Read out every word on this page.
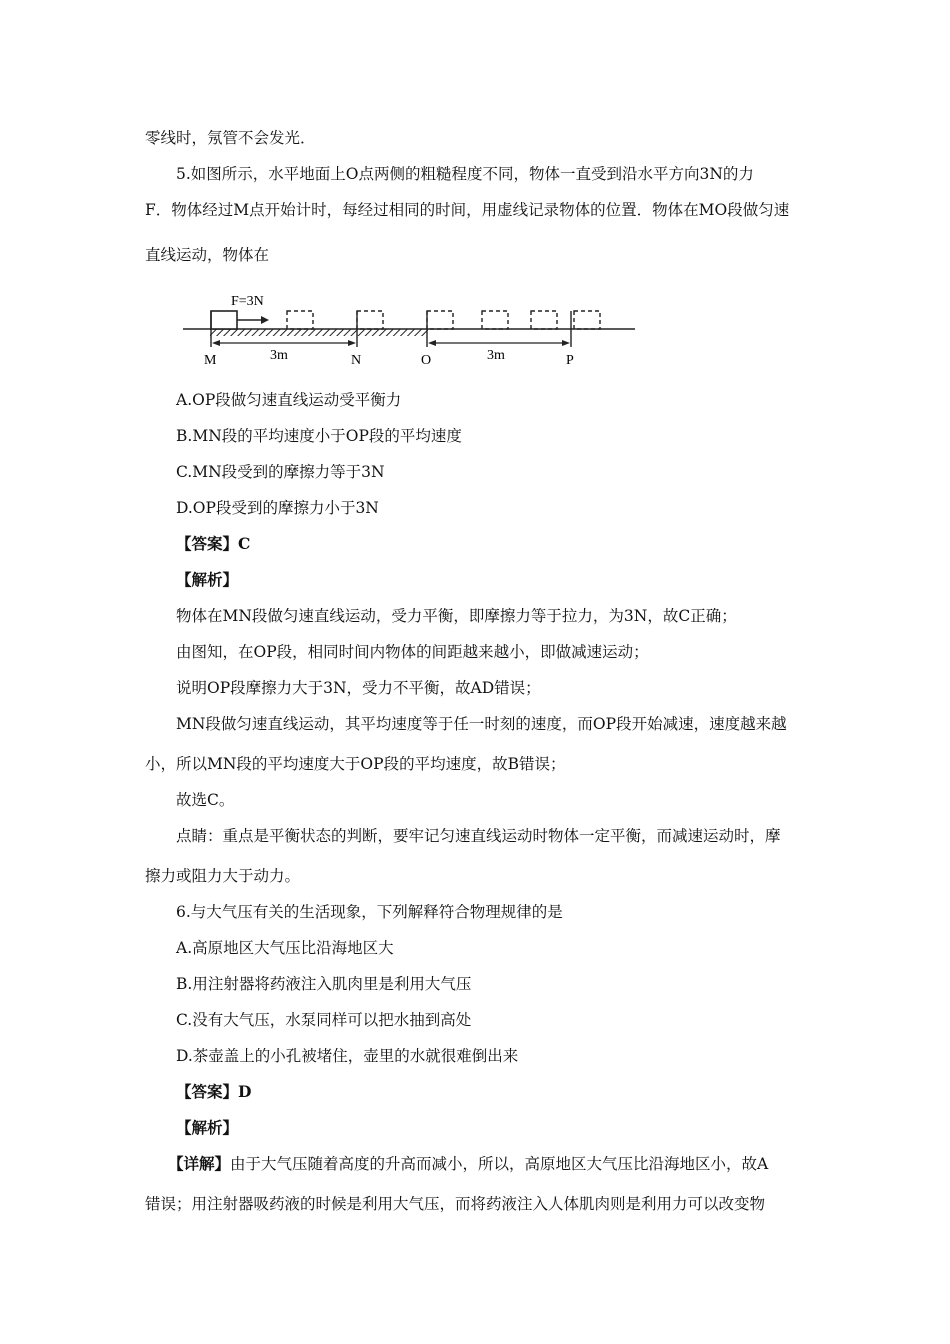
零线时，氖管不会发光．
5.如图所示，水平地面上O点两侧的粗糙程度不同，物体一直受到沿水平方向3N的力
F．物体经过M点开始计时，每经过相同的时间，用虚线记录物体的位置．物体在MO段做匀速
直线运动，物体在
F=3N
3m	3m
M	N	O	P
A.OP段做匀速直线运动受平衡力
B.MN段的平均速度小于OP段的平均速度
C.MN段受到的摩擦力等于3N
D.OP段受到的摩擦力小于3N
【答案】C
【解析】
物体在MN段做匀速直线运动，受力平衡，即摩擦力等于拉力，为3N，故C正确；
由图知，在OP段，相同时间内物体的间距越来越小，即做减速运动；
说明OP段摩擦力大于3N，受力不平衡，故AD错误；
MN段做匀速直线运动，其平均速度等于任一时刻的速度，而OP段开始减速，速度越来越
小，所以MN段的平均速度大于OP段的平均速度，故B错误；
故选C。
点睛：重点是平衡状态的判断，要牢记匀速直线运动时物体一定平衡，而减速运动时，摩
擦力或阻力大于动力。
6.与大气压有关的生活现象，下列解释符合物理规律的是
A.高原地区大气压比沿海地区大
B.用注射器将药液注入肌肉里是利用大气压
C.没有大气压，水泵同样可以把水抽到高处
D.茶壶盖上的小孔被堵住，壶里的水就很难倒出来
【答案】D
【解析】
【详解】由于大气压随着高度的升高而减小，所以，高原地区大气压比沿海地区小，故A
错误；用注射器吸药液的时候是利用大气压，而将药液注入人体肌肉则是利用力可以改变物
